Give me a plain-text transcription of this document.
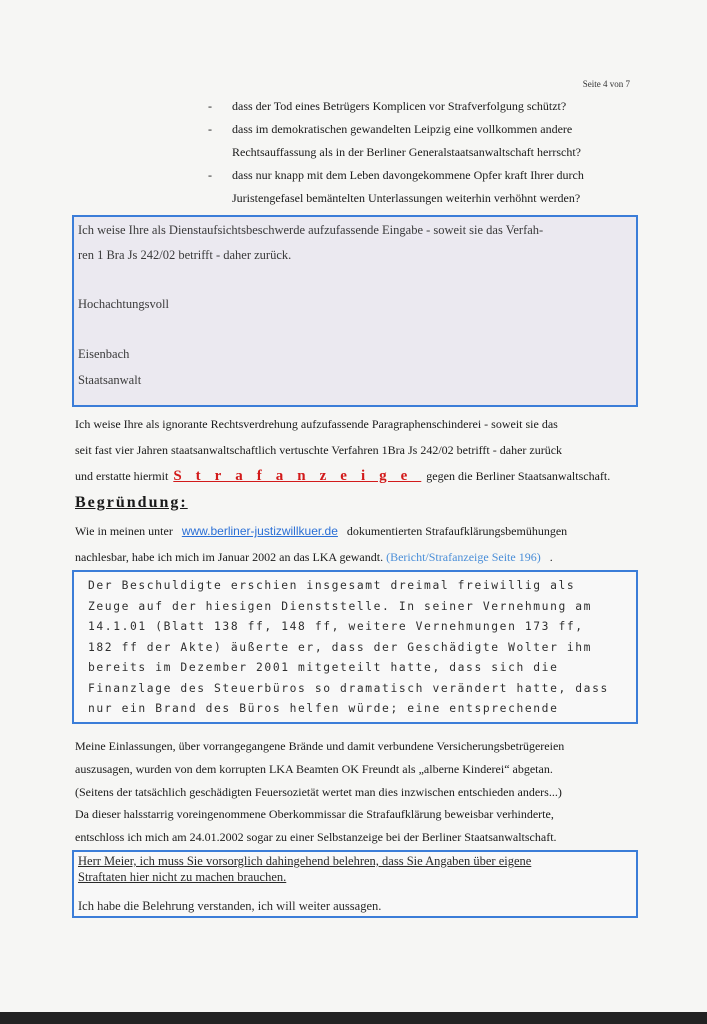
Seite 4 von 7
- dass der Tod eines Betrügers Komplicen vor Strafverfolgung schützt?
- dass im demokratischen gewandelten Leipzig eine vollkommen andere
Rechtsauffassung als in der Berliner Generalstaatsanwaltschaft herrscht?
- dass nur knapp mit dem Leben davongekommene Opfer kraft Ihrer durch
Juristengefasel bemäntelten Unterlassungen weiterhin verhöhnt werden?

Ich weise Ihre als Dienstaufsichtsbeschwerde aufzufassende Eingabe - soweit sie das Verfah-

ren 1 Bra Js 242/02 betrifft - daher zurück.

Hochachtungsvoll

Eisenbach

Staatsanwalt

Ich weise Ihre als ignorante Rechtsverdrehung aufzufassende Paragraphenschinderei - soweit sie das
seit fast vier Jahren staatsanwaltschaftlich vertuschte Verfahren 1Bra Js 242/02 betrifft - daher zurück
und erstatte hiermit Strafanzeige gegen die Berliner Staatsanwaltschaft.
Begründung:
Wie in meinen unter www.berliner-justizwillkuer.de dokumentierten Strafaufklärungsbemühungen
nachlesbar, habe ich mich im Januar 2002 an das LKA gewandt. (Bericht/Strafanzeige Seite 196) .
Der Beschuldigte erschien insgesamt dreimal freiwillig als
Zeuge auf der hiesigen Dienststelle. In seiner Vernehmung am
14.1.01 (Blatt 138 ff, 148 ff, weitere Vernehmungen 173 ff,
182 ff der Akte) äußerte er, dass der Geschädigte Wolter ihm
bereits im Dezember 2001 mitgeteilt hatte, dass sich die
Finanzlage des Steuerbüros so dramatisch verändert hatte, dass
nur ein Brand des Büros helfen würde; eine entsprechende
Meine Einlassungen, über vorrangegangene Brände und damit verbundene Versicherungsbetrügereien
auszusagen, wurden von dem korrupten LKA Beamten OK Freundt als „alberne Kinderei“ abgetan.
(Seitens der tatsächlich geschädigten Feuersozietät wertet man dies inzwischen entschieden anders...)
Da dieser halsstarrig voreingenommene Oberkommissar die Strafaufklärung beweisbar verhinderte,
entschloss ich mich am 24.01.2002 sogar zu einer Selbstanzeige bei der Berliner Staatsanwaltschaft.

Herr Meier, ich muss Sie vorsorglich dahingehend belehren, dass Sie Angaben über eigene

Straftaten hier nicht zu machen brauchen.

Ich habe die Belehrung verstanden, ich will weiter aussagen.
